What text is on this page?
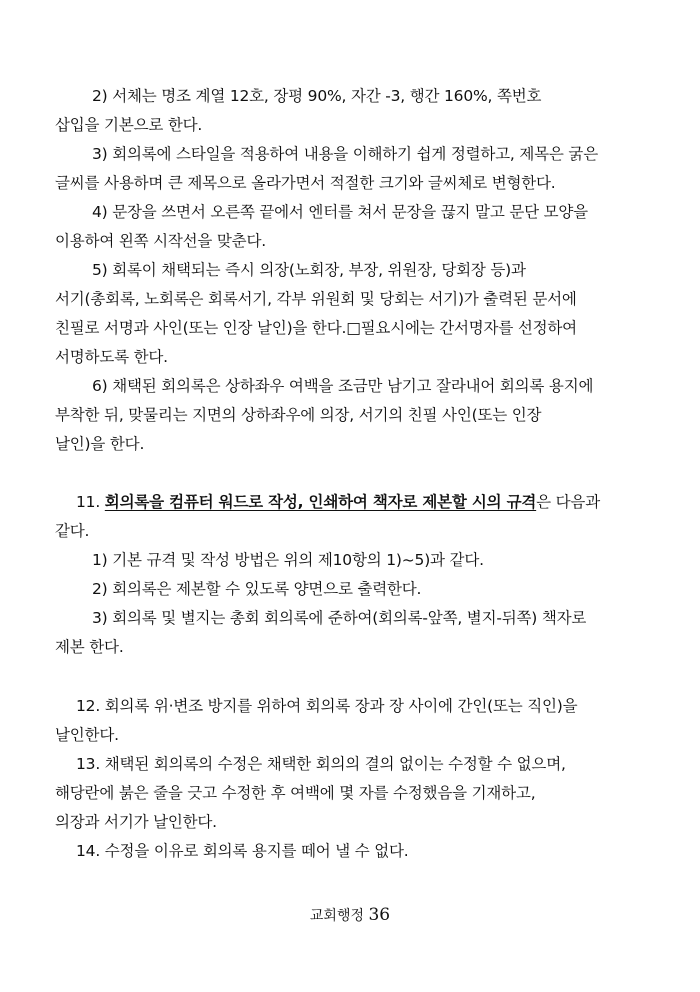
2) 서체는 명조 계열 12호, 장평 90%, 자간 -3, 행간 160%, 쪽번호
삽입을 기본으로 한다.
3) 회의록에 스타일을 적용하여 내용을 이해하기 쉽게 정렬하고, 제목은 굵은
글씨를 사용하며 큰 제목으로 올라가면서 적절한 크기와 글씨체로 변형한다.
4) 문장을 쓰면서 오른쪽 끝에서 엔터를 쳐서 문장을 끊지 말고 문단 모양을
이용하여 왼쪽 시작선을 맞춘다.
5) 회록이 채택되는 즉시 의장(노회장, 부장, 위원장, 당회장 등)과
서기(총회록, 노회록은 회록서기, 각부 위원회 및 당회는 서기)가 출력된 문서에
친필로 서명과 사인(또는 인장 날인)을 한다.□필요시에는 간서명자를 선정하여
서명하도록 한다.
6) 채택된 회의록은 상하좌우 여백을 조금만 남기고 잘라내어 회의록 용지에
부착한 뒤, 맞물리는 지면의 상하좌우에 의장, 서기의 친필 사인(또는 인장
날인)을 한다.
11. 회의록을 컴퓨터 워드로 작성, 인쇄하여 책자로 제본할 시의 규격은 다음과
같다.
1) 기본 규격 및 작성 방법은 위의 제10항의 1)~5)과 같다.
2) 회의록은 제본할 수 있도록 양면으로 출력한다.
3) 회의록 및 별지는 총회 회의록에 준하여(회의록-앞쪽, 별지-뒤쪽) 책자로
제본 한다.
12. 회의록 위·변조 방지를 위하여 회의록 장과 장 사이에 간인(또는 직인)을
날인한다.
13. 채택된 회의록의 수정은 채택한 회의의 결의 없이는 수정할 수 없으며,
해당란에 붉은 줄을 긋고 수정한 후 여백에 몇 자를 수정했음을 기재하고,
의장과 서기가 날인한다.
14. 수정을 이유로 회의록 용지를 떼어 낼 수 없다.
교회행정 36
